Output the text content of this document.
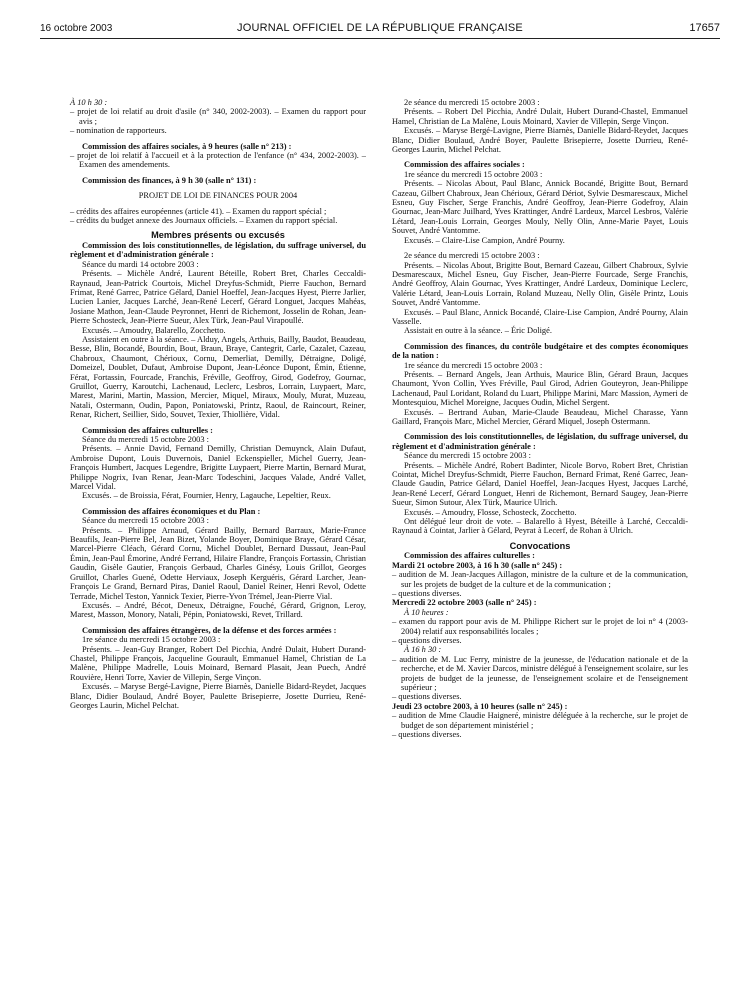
16 octobre 2003	JOURNAL OFFICIEL DE LA RÉPUBLIQUE FRANÇAISE	17657

À 10 h 30 :

– projet de loi relatif au droit d'asile (n° 340, 2002-2003). – Examen du rapport pour avis ;

– nomination de rapporteurs.

Commission des affaires sociales, à 9 heures (salle n° 213) :

– projet de loi relatif à l'accueil et à la protection de l'enfance (n° 434, 2002-2003). – Examen des amendements.

Commission des finances, à 9 h 30 (salle n° 131) :

PROJET DE LOI DE FINANCES POUR 2004

– crédits des affaires européennes (article 41). – Examen du rapport spécial ;

– crédits du budget annexe des Journaux officiels. – Examen du rapport spécial.

Membres présents ou excusés

Commission des lois constitutionnelles, de législation, du suffrage universel, du règlement et d'administration générale :

Séance du mardi 14 octobre 2003 :

Présents. – Michèle André, Laurent Béteille, Robert Bret, Charles Ceccaldi-Raynaud, Jean-Patrick Courtois, Michel Dreyfus-Schmidt, Pierre Fauchon, Bernard Frimat, René Garrec, Patrice Gélard, Daniel Hoeffel, Jean-Jacques Hyest, Pierre Jarlier, Lucien Lanier, Jacques Larché, Jean-René Lecerf, Gérard Longuet, Jacques Mahéas, Josiane Mathon, Jean-Claude Peyronnet, Henri de Richemont, Josselin de Rohan, Jean-Pierre Schosteck, Jean-Pierre Sueur, Alex Türk, Jean-Paul Virapoullé.

Excusés. – Amoudry, Balarello, Zocchetto.

Assistaient en outre à la séance. – Alduy, Angels, Arthuis, Bailly, Baudot, Beaudeau, Besse, Blin, Bocandé, Bourdin, Bout, Braun, Braye, Cantegrit, Carle, Cazalet, Cazeau, Chabroux, Chaumont, Chérioux, Cornu, Demerliat, Demilly, Détraigne, Doligé, Domeizel, Doublet, Dufaut, Ambroise Dupont, Jean-Léonce Dupont, Émin, Étienne, Férat, Fortassin, Fourcade, Franchis, Fréville, Geoffroy, Girod, Godefroy, Gournac, Gruillot, Guerry, Karoutchi, Lachenaud, Leclerc, Lesbros, Lorrain, Luypaert, Marc, Marest, Marini, Martin, Massion, Mercier, Miquel, Miraux, Mouly, Murat, Muzeau, Natali, Ostermann, Oudin, Papon, Poniatowski, Printz, Raoul, de Raincourt, Reiner, Renar, Richert, Seillier, Sido, Souvet, Texier, Thiollière, Vidal.

Commission des affaires culturelles :

Séance du mercredi 15 octobre 2003 :

Présents. – Annie David, Fernand Demilly, Christian Demuynck, Alain Dufaut, Ambroise Dupont, Louis Duvernois, Daniel Eckenspieller, Michel Guerry, Jean-François Humbert, Jacques Legendre, Brigitte Luypaert, Pierre Martin, Bernard Murat, Philippe Nogrix, Ivan Renar, Jean-Marc Todeschini, Jacques Valade, André Vallet, Marcel Vidal.

Excusés. – de Broissia, Férat, Fournier, Henry, Lagauche, Lepeltier, Reux.

Commission des affaires économiques et du Plan :

Séance du mercredi 15 octobre 2003 :

Présents. – Philippe Arnaud, Gérard Bailly, Bernard Barraux, Marie-France Beaufils, Jean-Pierre Bel, Jean Bizet, Yolande Boyer, Dominique Braye, Gérard César, Marcel-Pierre Cléach, Gérard Cornu, Michel Doublet, Bernard Dussaut, Jean-Paul Émin, Jean-Paul Émorine, André Ferrand, Hilaire Flandre, François Fortassin, Christian Gaudin, Gisèle Gautier, François Gerbaud, Charles Ginésy, Louis Grillot, Georges Gruillot, Charles Guené, Odette Herviaux, Joseph Kerguéris, Gérard Larcher, Jean-François Le Grand, Bernard Piras, Daniel Raoul, Daniel Reiner, Henri Revol, Odette Terrade, Michel Teston, Yannick Texier, Pierre-Yvon Trémel, Jean-Pierre Vial.

Excusés. – André, Bécot, Deneux, Détraigne, Fouché, Gérard, Grignon, Leroy, Marest, Masson, Monory, Natali, Pépin, Poniatowski, Revet, Trillard.

Commission des affaires étrangères, de la défense et des forces armées :

1re séance du mercredi 15 octobre 2003 :

Présents. – Jean-Guy Branger, Robert Del Picchia, André Dulait, Hubert Durand-Chastel, Philippe François, Jacqueline Gourault, Emmanuel Hamel, Christian de La Malène, Philippe Madrelle, Louis Moinard, Bernard Plasait, Jean Puech, André Rouvière, Henri Torre, Xavier de Villepin, Serge Vinçon.

Excusés. – Maryse Bergé-Lavigne, Pierre Biarnès, Danielle Bidard-Reydet, Jacques Blanc, Didier Boulaud, André Boyer, Paulette Brisepierre, Josette Durrieu, René-Georges Laurin, Michel Pelchat.

2e séance du mercredi 15 octobre 2003 :

Présents. – Robert Del Picchia, André Dulait, Hubert Durand-Chastel, Emmanuel Hamel, Christian de La Malène, Louis Moinard, Xavier de Villepin, Serge Vinçon.

Excusés. – Maryse Bergé-Lavigne, Pierre Biarnès, Danielle Bidard-Reydet, Jacques Blanc, Didier Boulaud, André Boyer, Paulette Brisepierre, Josette Durrieu, René-Georges Laurin, Michel Pelchat.

Commission des affaires sociales :

1re séance du mercredi 15 octobre 2003 :

Présents. – Nicolas About, Paul Blanc, Annick Bocandé, Brigitte Bout, Bernard Cazeau, Gilbert Chabroux, Jean Chérioux, Gérard Dériot, Sylvie Desmarescaux, Michel Esneu, Guy Fischer, Serge Franchis, André Geoffroy, Jean-Pierre Godefroy, Alain Gournac, Jean-Marc Juilhard, Yves Krattinger, André Lardeux, Marcel Lesbros, Valérie Létard, Jean-Louis Lorrain, Georges Mouly, Nelly Olin, Anne-Marie Payet, Louis Souvet, André Vantomme.

Excusés. – Claire-Lise Campion, André Pourny.

2e séance du mercredi 15 octobre 2003 :

Présents. – Nicolas About, Brigitte Bout, Bernard Cazeau, Gilbert Chabroux, Sylvie Desmarescaux, Michel Esneu, Guy Fischer, Jean-Pierre Fourcade, Serge Franchis, André Geoffroy, Alain Gournac, Yves Krattinger, André Lardeux, Dominique Leclerc, Valérie Létard, Jean-Louis Lorrain, Roland Muzeau, Nelly Olin, Gisèle Printz, Louis Souvet, André Vantomme.

Excusés. – Paul Blanc, Annick Bocandé, Claire-Lise Campion, André Pourny, Alain Vasselle.

Assistait en outre à la séance. – Éric Doligé.

Commission des finances, du contrôle budgétaire et des comptes économiques de la nation :

1re séance du mercredi 15 octobre 2003 :

Présents. – Bernard Angels, Jean Arthuis, Maurice Blin, Gérard Braun, Jacques Chaumont, Yvon Collin, Yves Fréville, Paul Girod, Adrien Gouteyron, Jean-Philippe Lachenaud, Paul Loridant, Roland du Luart, Philippe Marini, Marc Massion, Aymeri de Montesquiou, Michel Moreigne, Jacques Oudin, Michel Sergent.

Excusés. – Bertrand Auban, Marie-Claude Beaudeau, Michel Charasse, Yann Gaillard, François Marc, Michel Mercier, Gérard Miquel, Joseph Ostermann.

Commission des lois constitutionnelles, de législation, du suffrage universel, du règlement et d'administration générale :

Séance du mercredi 15 octobre 2003 :

Présents. – Michèle André, Robert Badinter, Nicole Borvo, Robert Bret, Christian Cointat, Michel Dreyfus-Schmidt, Pierre Fauchon, Bernard Frimat, René Garrec, Jean-Claude Gaudin, Patrice Gélard, Daniel Hoeffel, Jean-Jacques Hyest, Jacques Larché, Jean-René Lecerf, Gérard Longuet, Henri de Richemont, Bernard Saugey, Jean-Pierre Sueur, Simon Sutour, Alex Türk, Maurice Ulrich.

Excusés. – Amoudry, Flosse, Schosteck, Zocchetto.

Ont délégué leur droit de vote. – Balarello à Hyest, Béteille à Larché, Ceccaldi-Raynaud à Cointat, Jarlier à Gélard, Peyrat à Lecerf, de Rohan à Ulrich.

Convocations

Commission des affaires culturelles :

Mardi 21 octobre 2003, à 16 h 30 (salle n° 245) :

– audition de M. Jean-Jacques Aillagon, ministre de la culture et de la communication, sur les projets de budget de la culture et de la communication ;

– questions diverses.

Mercredi 22 octobre 2003 (salle n° 245) :

À 10 heures :

– examen du rapport pour avis de M. Philippe Richert sur le projet de loi n° 4 (2003-2004) relatif aux responsabilités locales ;

– questions diverses.

À 16 h 30 :

– audition de M. Luc Ferry, ministre de la jeunesse, de l'éducation nationale et de la recherche, et de M. Xavier Darcos, ministre délégué à l'enseignement scolaire, sur les projets de budget de la jeunesse, de l'enseignement scolaire et de l'enseignement supérieur ;

– questions diverses.

Jeudi 23 octobre 2003, à 10 heures (salle n° 245) :

– audition de Mme Claudie Haigneré, ministre déléguée à la recherche, sur le projet de budget de son département ministériel ;

– questions diverses.
